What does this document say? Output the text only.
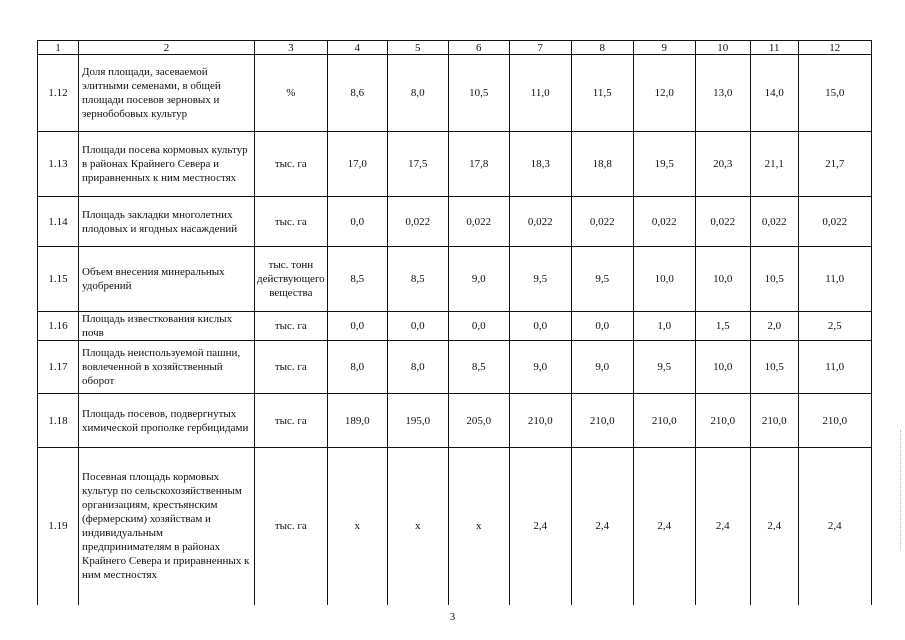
1	2	3	4	5	6	7	8	9	10	11	12
1.12	Доля площади, засеваемой элитными семенами, в общей площади посевов зерновых и зернобобовых культур	%	8,6	8,0	10,5	11,0	11,5	12,0	13,0	14,0	15,0
1.13	Площади посева кормовых культур в районах Крайнего Севера и приравненных к ним местностях	тыс. га	17,0	17,5	17,8	18,3	18,8	19,5	20,3	21,1	21,7
1.14	Площадь закладки многолетних плодовых и ягодных насаждений	тыс. га	0,0	0,022	0,022	0,022	0,022	0,022	0,022	0,022	0,022
1.15	Объем внесения минеральных удобрений	тыс. тонн действующего вещества	8,5	8,5	9,0	9,5	9,5	10,0	10,0	10,5	11,0
1.16	Площадь известкования кислых почв	тыс. га	0,0	0,0	0,0	0,0	0,0	1,0	1,5	2,0	2,5
1.17	Площадь неиспользуемой пашни, вовлеченной в хозяйственный оборот	тыс. га	8,0	8,0	8,5	9,0	9,0	9,5	10,0	10,5	11,0
1.18	Площадь посевов, подвергнутых химической прополке гербицидами	тыс. га	189,0	195,0	205,0	210,0	210,0	210,0	210,0	210,0	210,0
1.19	Посевная площадь кормовых культур по сельскохозяйственным организациям, крестьянским (фермерским) хозяйствам и индивидуальным предпринимателям в районах Крайнего Севера и приравненных к ним местностях	тыс. га	х	х	х	2,4	2,4	2,4	2,4	2,4	2,4
3
